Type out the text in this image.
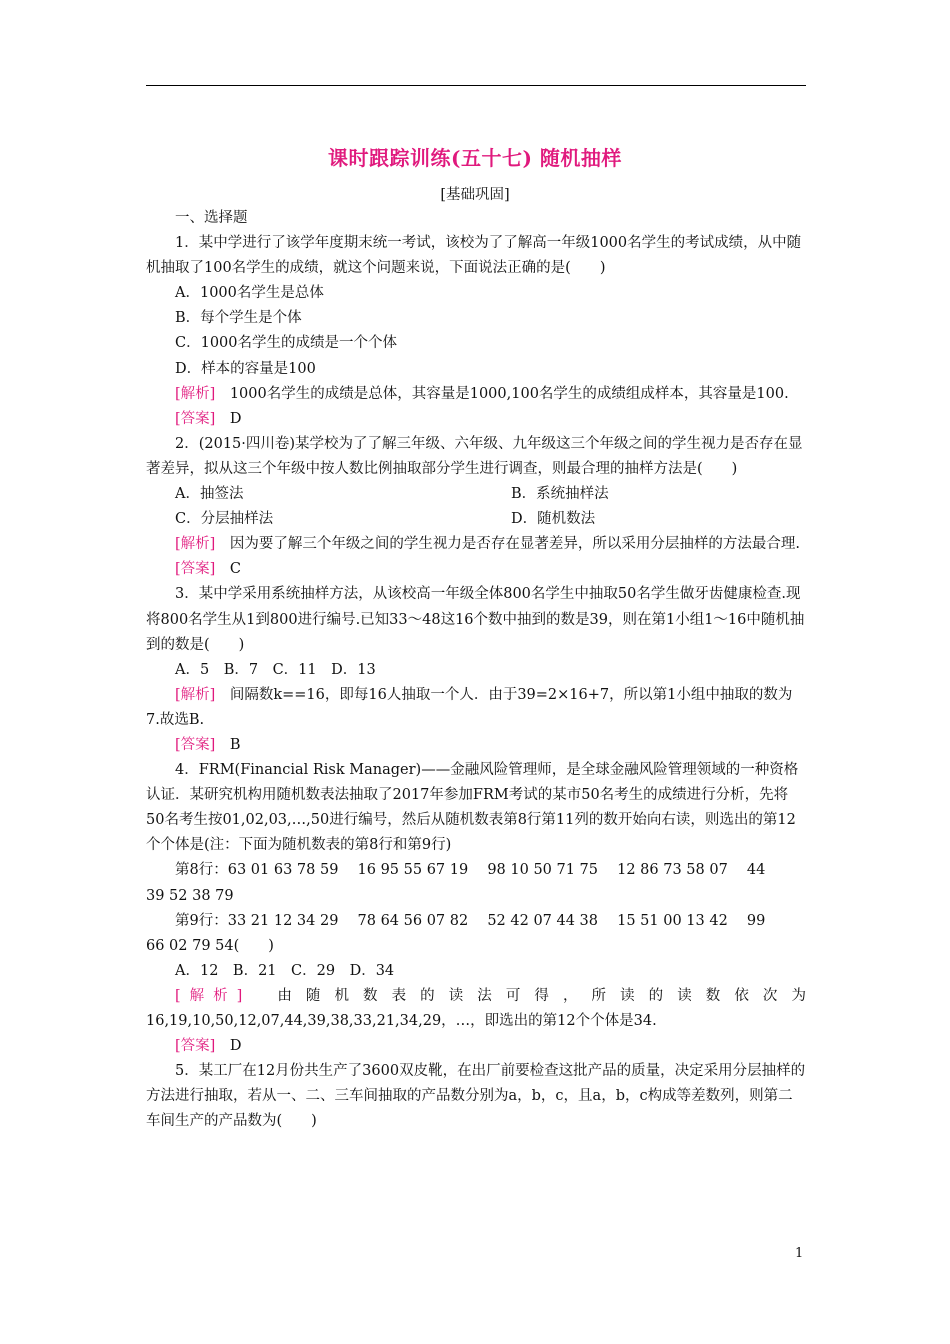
课时跟踪训练(五十七) 随机抽样
[基础巩固]

一、选择题

1．某中学进行了该学年度期末统一考试，该校为了了解高一年级1000名学生的考试成绩，从中随机抽取了100名学生的成绩，就这个问题来说，下面说法正确的是(　　)

A．1000名学生是总体

B．每个学生是个体

C．1000名学生的成绩是一个个体

D．样本的容量是100

[解析]　1000名学生的成绩是总体，其容量是1000,100名学生的成绩组成样本，其容量是100.

[答案]　D

2．(2015·四川卷)某学校为了了解三年级、六年级、九年级这三个年级之间的学生视力是否存在显著差异，拟从这三个年级中按人数比例抽取部分学生进行调查，则最合理的抽样方法是(　　)

A．抽签法	B．系统抽样法
C．分层抽样法	D．随机数法

[解析]　因为要了解三个年级之间的学生视力是否存在显著差异，所以采用分层抽样的方法最合理.

[答案]　C

3．某中学采用系统抽样方法，从该校高一年级全体800名学生中抽取50名学生做牙齿健康检查.现将800名学生从1到800进行编号.已知33～48这16个数中抽到的数是39，则在第1小组1～16中随机抽到的数是(　　)

A．5　B．7　C．11　D．13

[解析]　间隔数k==16，即每16人抽取一个人．由于39=2×16+7，所以第1小组中抽取的数为7.故选B.

[答案]　B

4．FRM(Financial Risk Manager)——金融风险管理师，是全球金融风险管理领域的一种资格认证．某研究机构用随机数表法抽取了2017年参加FRM考试的某市50名考生的成绩进行分析，先将50名考生按01,02,03,…,50进行编号，然后从随机数表第8行第11列的数开始向右读，则选出的第12个个体是(注：下面为随机数表的第8行和第9行)

第8行：63 01 63 78 59　 16 95 55 67 19　 98 10 50 71 75　 12 86 73 58 07　 44

39 52 38 79

第9行：33 21 12 34 29　 78 64 56 07 82　 52 42 07 44 38　 15 51 00 13 42　 99

66 02 79 54(　　)

A．12　B．21　C．29　D．34

[解析] 由随机数表的读法可得，所读的读数依次为

16,19,10,50,12,07,44,39,38,33,21,34,29，…，即选出的第12个个体是34.

[答案]　D

5．某工厂在12月份共生产了3600双皮靴，在出厂前要检查这批产品的质量，决定采用分层抽样的方法进行抽取，若从一、二、三车间抽取的产品数分别为a，b，c，且a，b，c构成等差数列，则第二车间生产的产品数为(　　)

1
